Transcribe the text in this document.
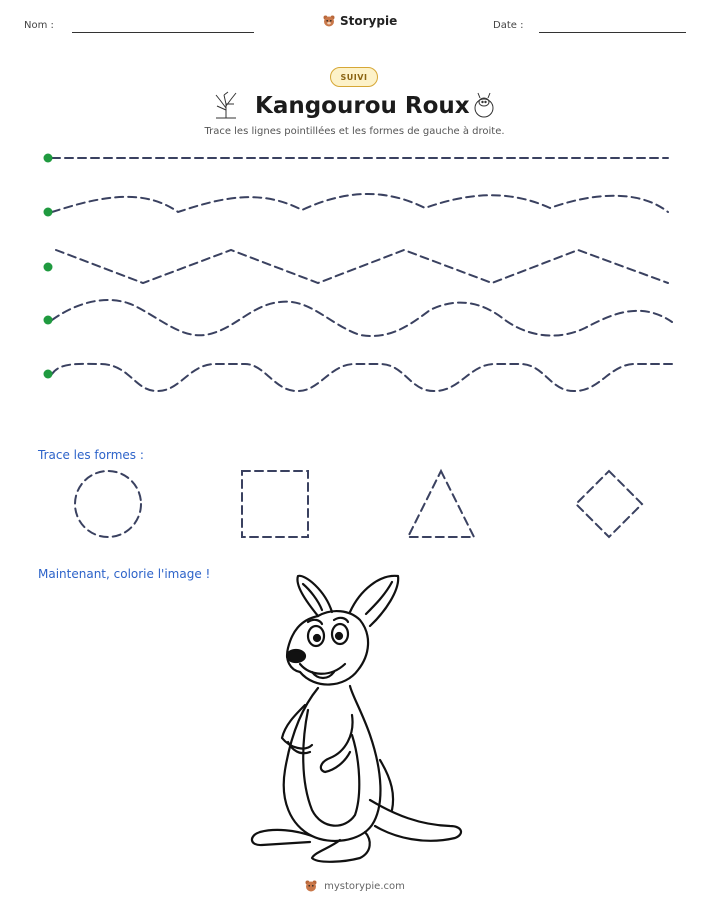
Nom :	Storypie	Date :
SUIVI
Kangourou Roux
Trace les lignes pointillées et les formes de gauche à droite.
Trace les formes :
Maintenant, colorie l'image !
mystorypie.com
